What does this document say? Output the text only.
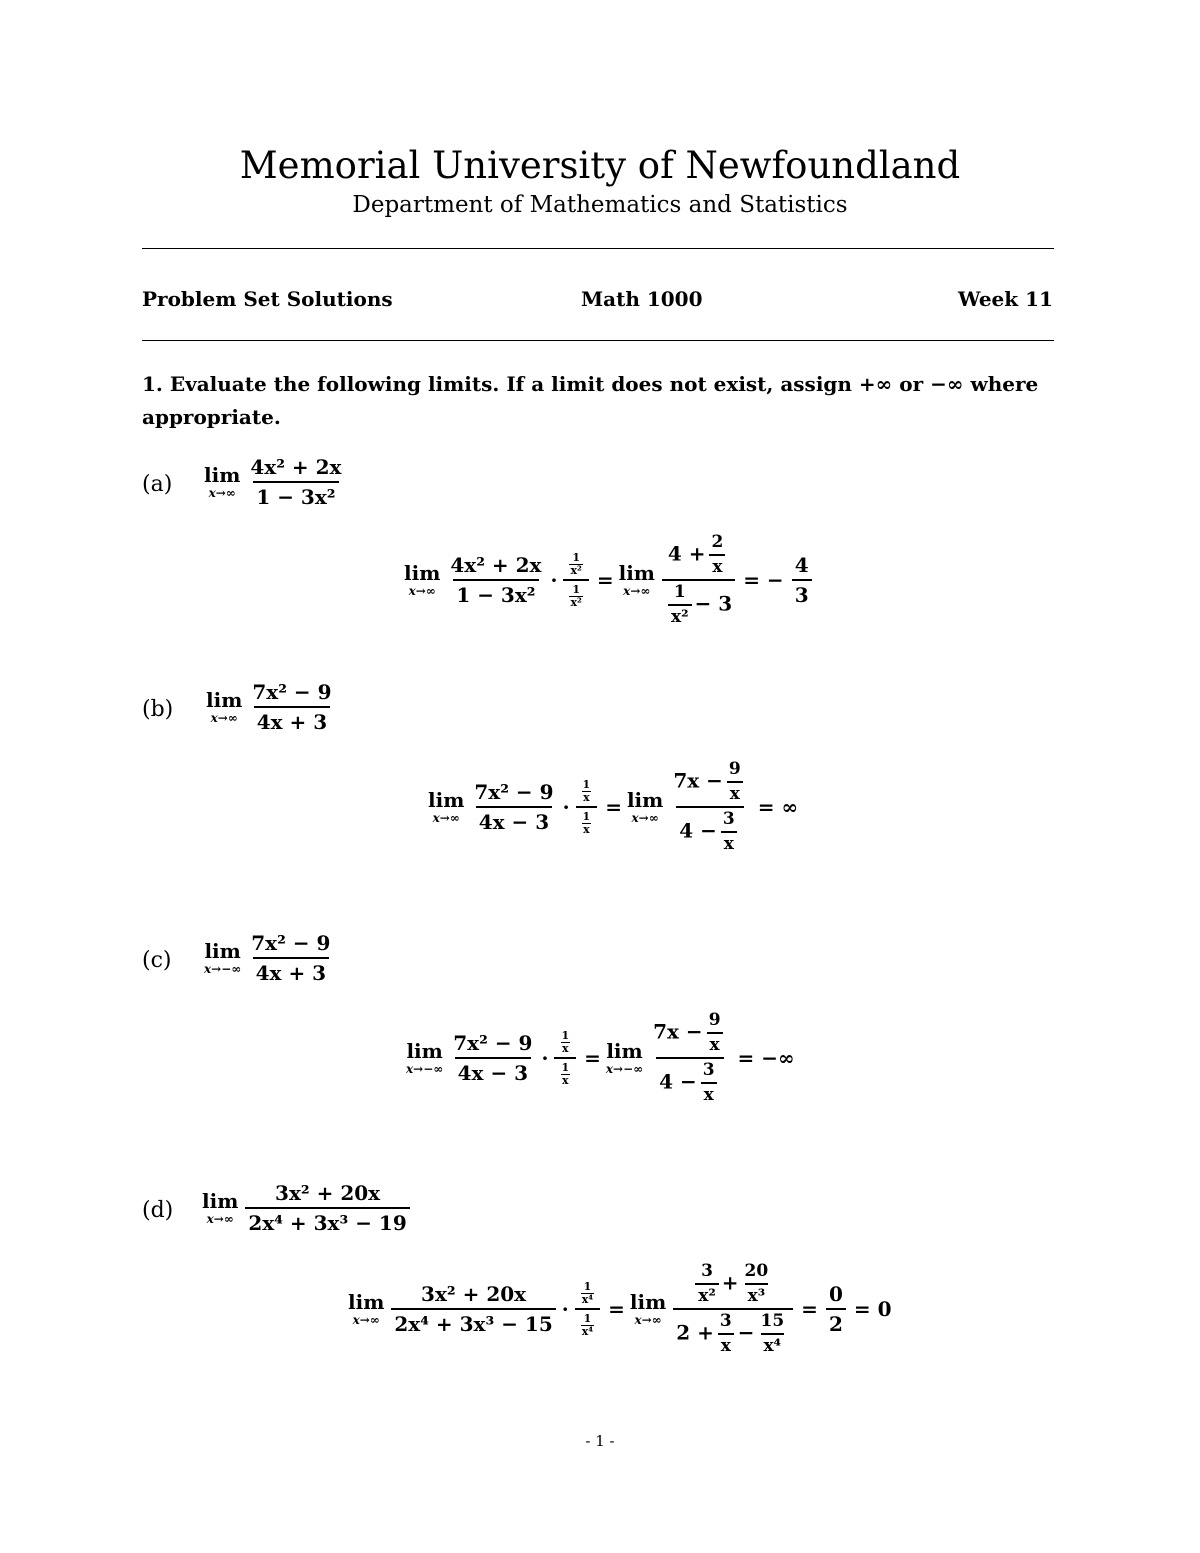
Memorial University of Newfoundland
Department of Mathematics and Statistics
Problem Set Solutions	Math 1000	Week 11
1. Evaluate the following limits. If a limit does not exist, assign +∞ or −∞ where appropriate.
(a) lim
$x\to\infty \frac{\text{4x² + 2x}}{\text{1 − 3x²}}$
lim
$x\to\infty \frac{\text{4x² + 2x}}{\text{1 − 3x²}} \cdot \frac{\frac{1}{\text{x²}}}{\frac{1}{\text{x²}}} = \lim$
$x\to\infty \frac{4 + \frac{2}{x}}{\frac{1}{\text{x²}} - 3}$ = − $\frac{4}{3}$
(b) lim
$x\to\infty \frac{\text{7x² − 9}}{4x + 3}$
lim
$x\to\infty \frac{\text{7x² − 9}}{4x - 3} \cdot \frac{\frac{1}{x}}{\frac{1}{x}} = \lim$
$x\to\infty \frac{7x - \frac{9}{x}}{4 - \frac{3}{x}}$ = ∞
(c) lim
$x\to-\infty \frac{\text{7x² − 9}}{4x + 3}$
lim
$x\to-\infty \frac{\text{7x² − 9}}{4x - 3} \cdot \frac{\frac{1}{x}}{\frac{1}{x}} = \lim$
$x\to-\infty \frac{7x - \frac{9}{x}}{4 - \frac{3}{x}}$ = −∞
(d) lim
$x\to\infty \frac{\text{3x² + 20x}}{\text{2x⁴ + 3x³ − 19}}$
lim
$x\to\infty \frac{\text{3x² + 20x}}{\text{2x⁴ + 3x³ − 15}} \cdot \frac{\frac{1}{\text{x⁴}}}{\frac{1}{\text{x⁴}}} = \lim$
$x\to\infty \frac{\frac{3}{\text{x²}} + \frac{20}{\text{x³}}}{2 + \frac{3}{x} - \frac{15}{\text{x⁴}}} = \frac{0}{2} = 0$
- 1 -
